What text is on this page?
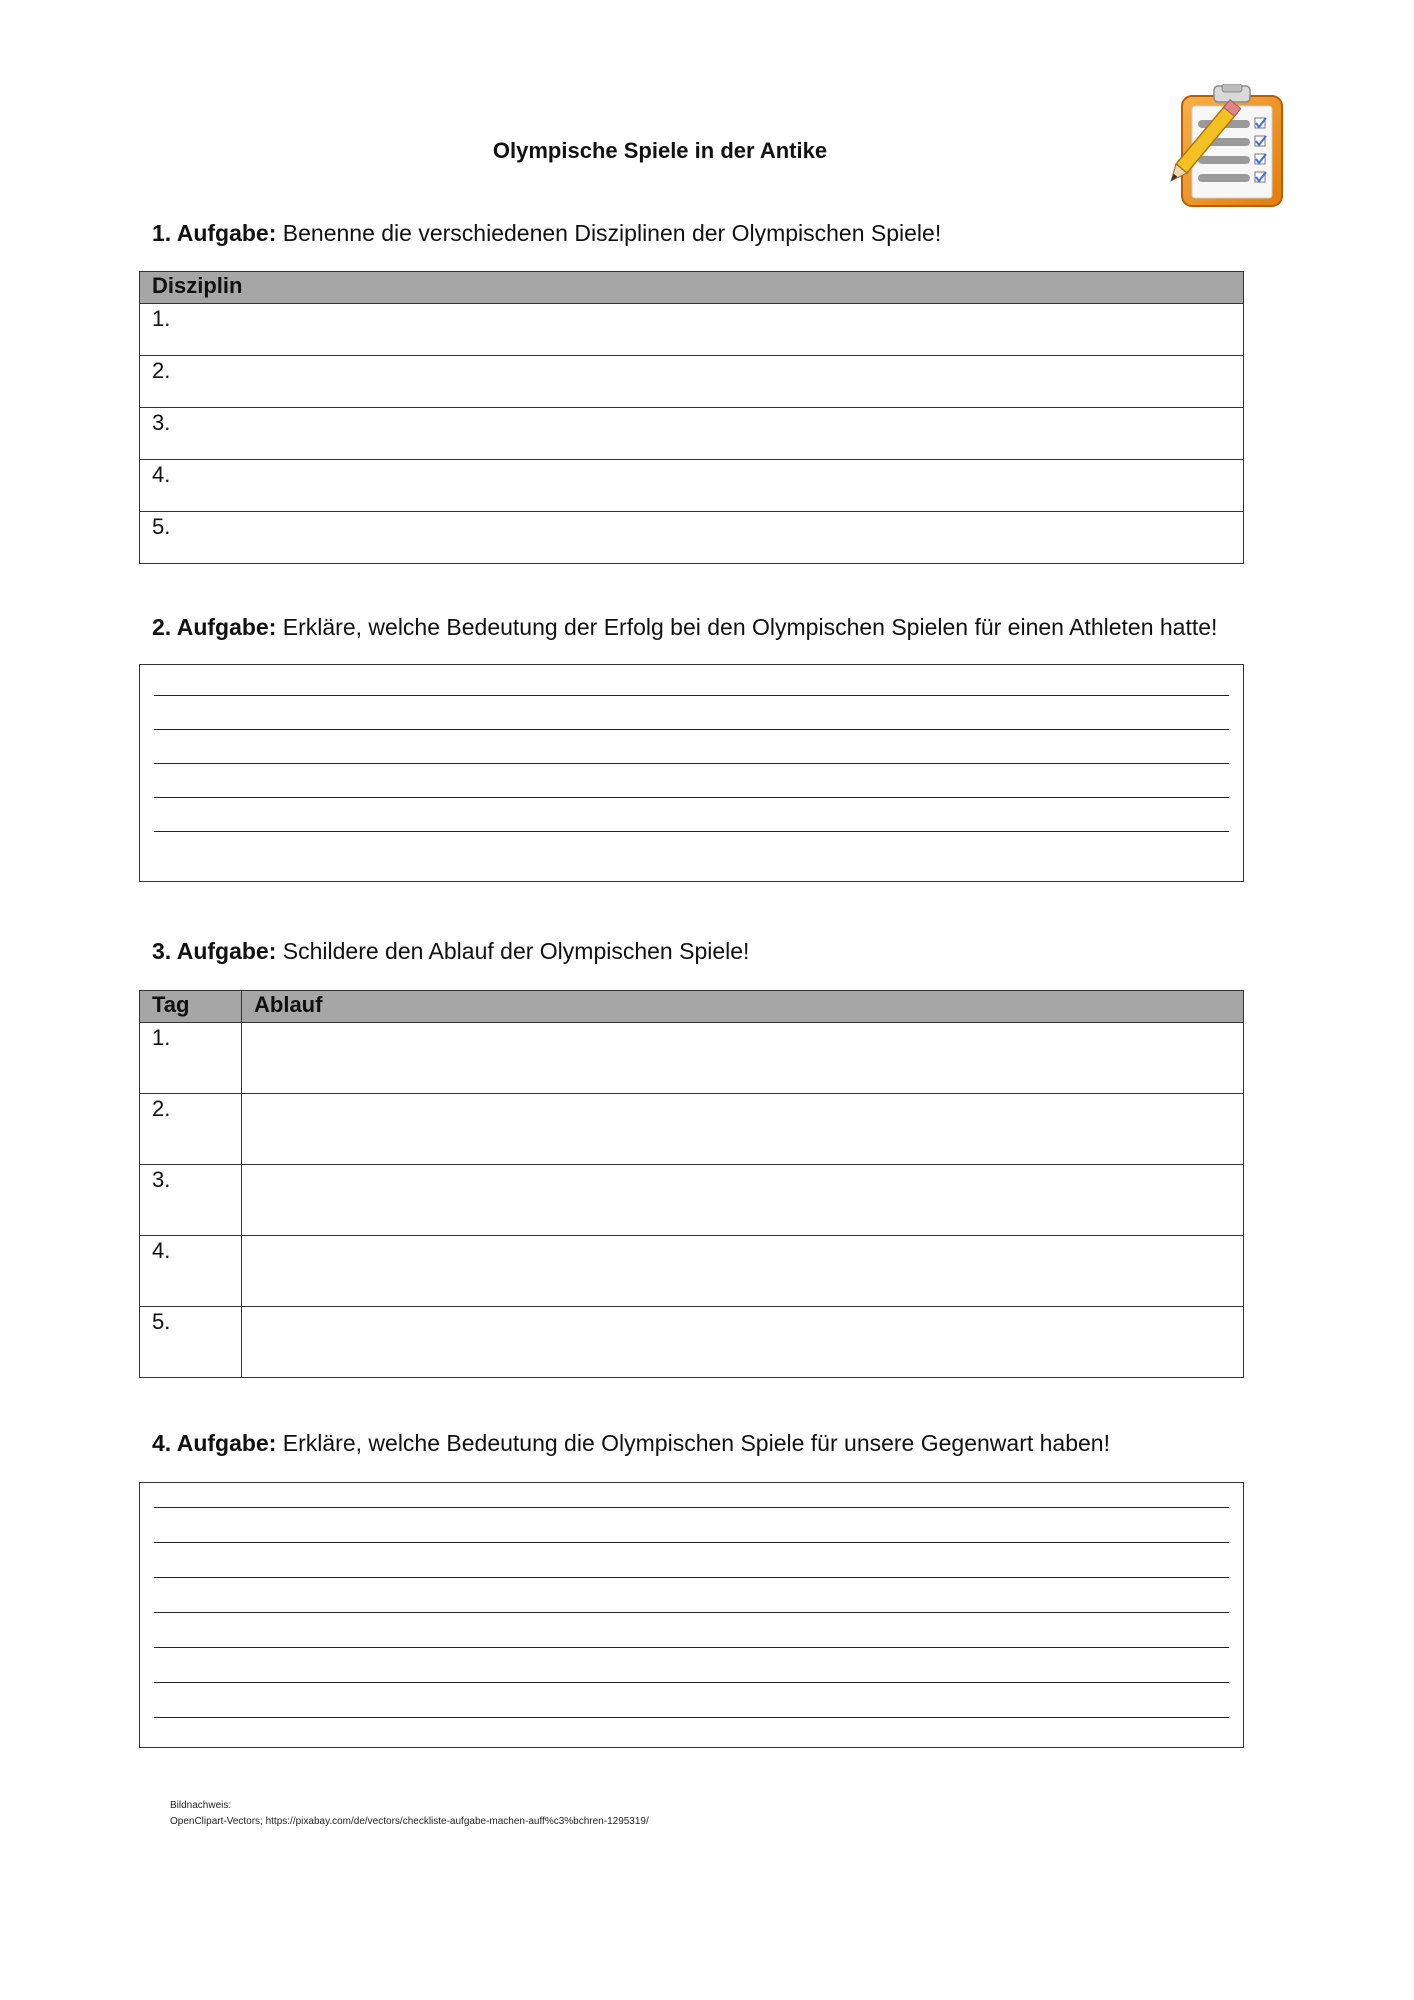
Olympische Spiele in der Antike
1. Aufgabe: Benenne die verschiedenen Disziplinen der Olympischen Spiele!
Disziplin
1.
2.
3.
4.
5.
2. Aufgabe: Erkläre, welche Bedeutung der Erfolg bei den Olympischen Spielen für einen Athleten hatte!
3. Aufgabe: Schildere den Ablauf der Olympischen Spiele!
Tag	Ablauf
1.	
2.	
3.	
4.	
5.	
4. Aufgabe: Erkläre, welche Bedeutung die Olympischen Spiele für unsere Gegenwart haben!
Bildnachweis:
OpenClipart-Vectors; https://pixabay.com/de/vectors/checkliste-aufgabe-machen-auff%c3%bchren-1295319/
